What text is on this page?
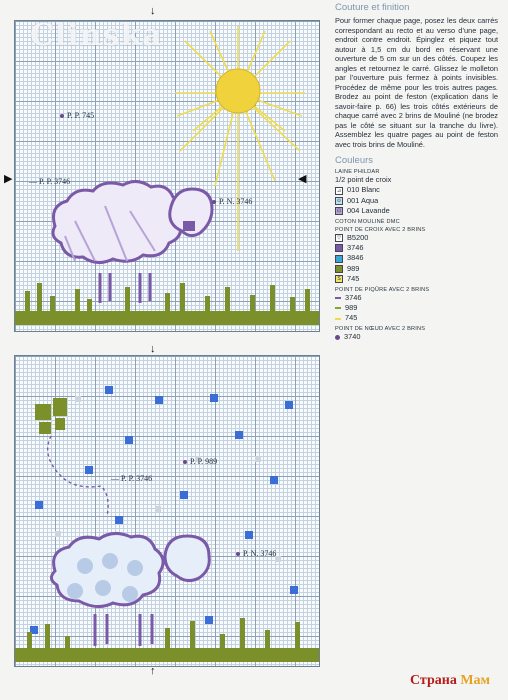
P. P. 745
— P. P. 3746
P. N. 3746
↓
▶	◀
Clinska
P. P. 989
— P. P. 3746
P. N. 3746
↓
↑
Couture et finition

Pour former chaque page, posez les deux carrés correspondant au recto et au verso d’une page, endroit contre endroit. Épinglez et piquez tout autour à 1,5 cm du bord en réservant une ouverture de 5 cm sur un des côtés. Coupez les angles et retournez le carré. Glissez le molleton par l’ouverture puis fermez à points invisibles. Procédez de même pour les trois autres pages. Brodez au point de feston (explication dans le savoir-faire p. 66) les trois côtés extérieurs de chaque carré avec 2 brins de Mouliné (ne brodez pas le côté se situant sur la tranche du livre). Assemblez les quatre pages au point de feston avec trois brins de Mouliné.

Couleurs
LAINE PHILDAR
1/2 point de croix
⊿ 010 Blanc
⊙ 001 Aqua
⊡ 004 Lavande
COTON MOULINÉ DMC
POINT DE CROIX AVEC 2 BRINS
▽ B5200
3746
3846
989
S 745
POINT DE PIQÛRE AVEC 2 BRINS
3746
989
745
POINT DE NŒUD AVEC 2 BRINS
3740
Страна Мам
